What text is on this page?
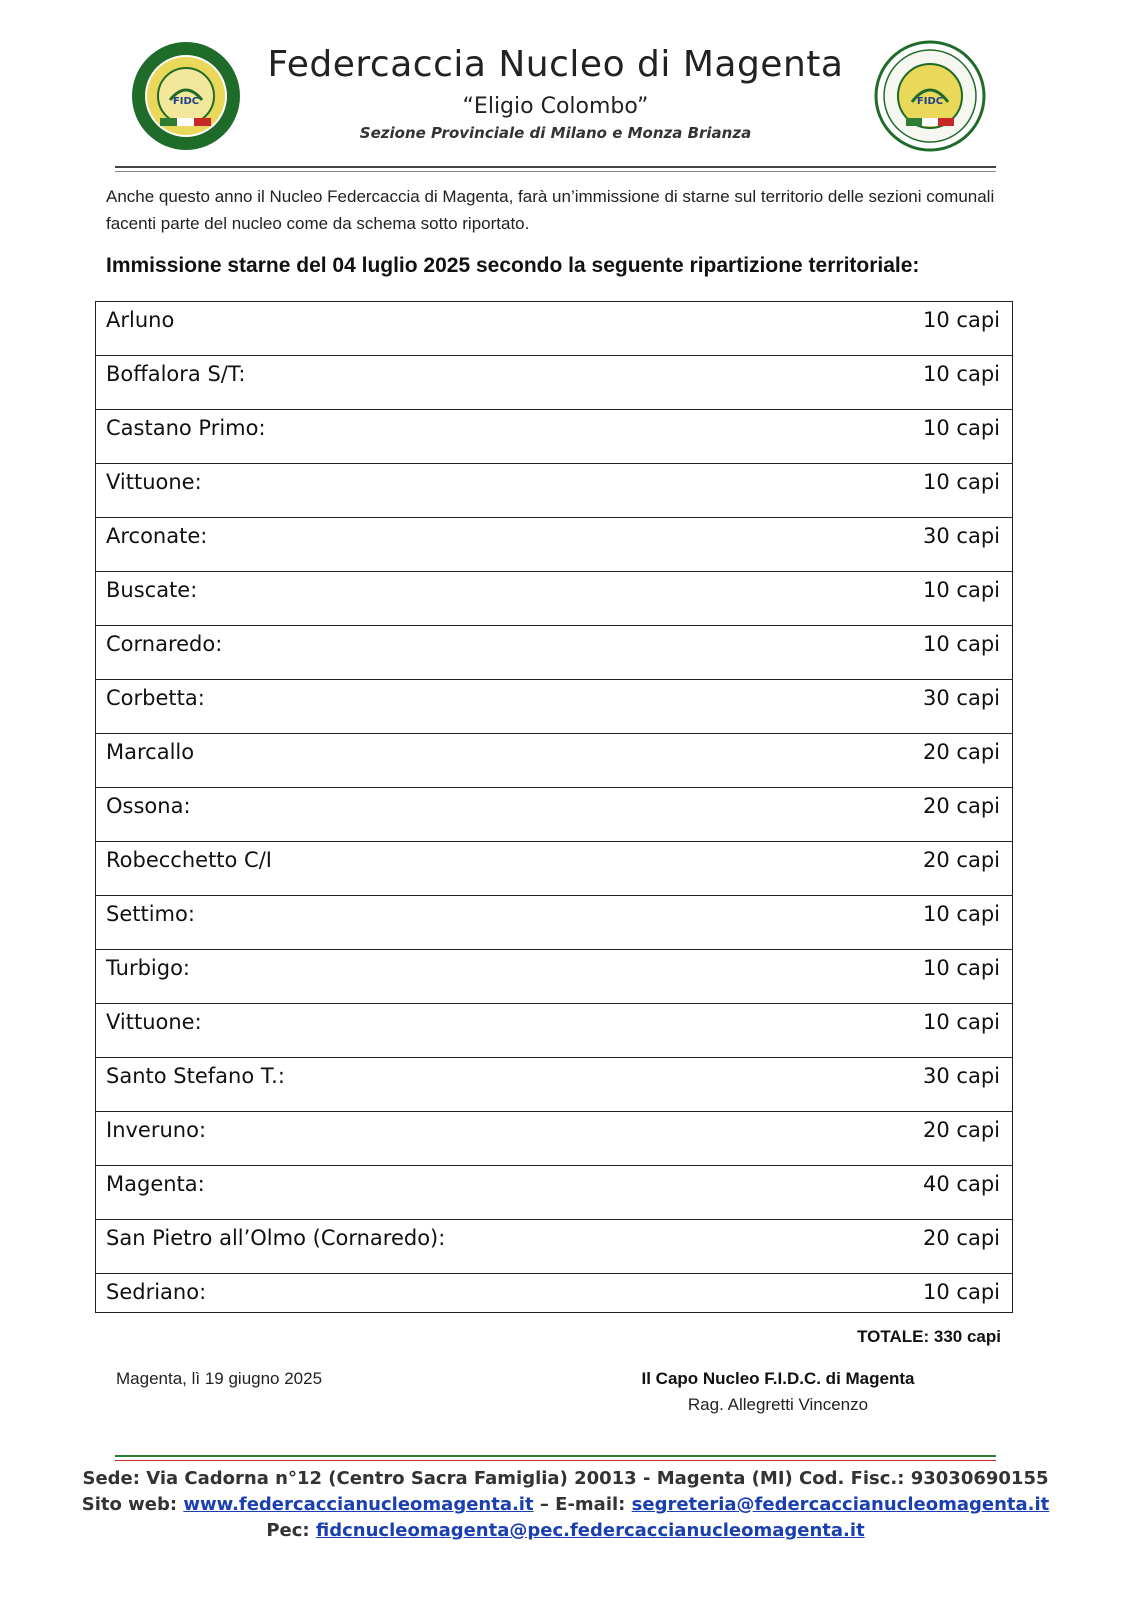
FIDC
Federcaccia Nucleo di Magenta
“Eligio Colombo”
Sezione Provinciale di Milano e Monza Brianza
FIDC
Anche questo anno il Nucleo Federcaccia di Magenta, farà un’immissione di starne sul territorio delle sezioni comunali facenti parte del nucleo come da schema sotto riportato.
Immissione starne del 04 luglio 2025 secondo la seguente ripartizione territoriale:
Arluno	10 capi
Boffalora S/T:	10 capi
Castano Primo:	10 capi
Vittuone:	10 capi
Arconate:	30 capi
Buscate:	10 capi
Cornaredo:	10 capi
Corbetta:	30 capi
Marcallo	20 capi
Ossona:	20 capi
Robecchetto C/I	20 capi
Settimo:	10 capi
Turbigo:	10 capi
Vittuone:	10 capi
Santo Stefano T.:	30 capi
Inveruno:	20 capi
Magenta:	40 capi
San Pietro all’Olmo (Cornaredo):	20 capi
Sedriano:	10 capi
TOTALE: 330 capi
Magenta, lì 19 giugno 2025	Il Capo Nucleo F.I.D.C. di Magenta
Rag. Allegretti Vincenzo
Sede: Via Cadorna n°12 (Centro Sacra Famiglia) 20013 - Magenta (MI) Cod. Fisc.: 93030690155
Sito web: www.federcaccianucleomagenta.it – E-mail: segreteria@federcaccianucleomagenta.it
Pec: fidcnucleomagenta@pec.federcaccianucleomagenta.it
